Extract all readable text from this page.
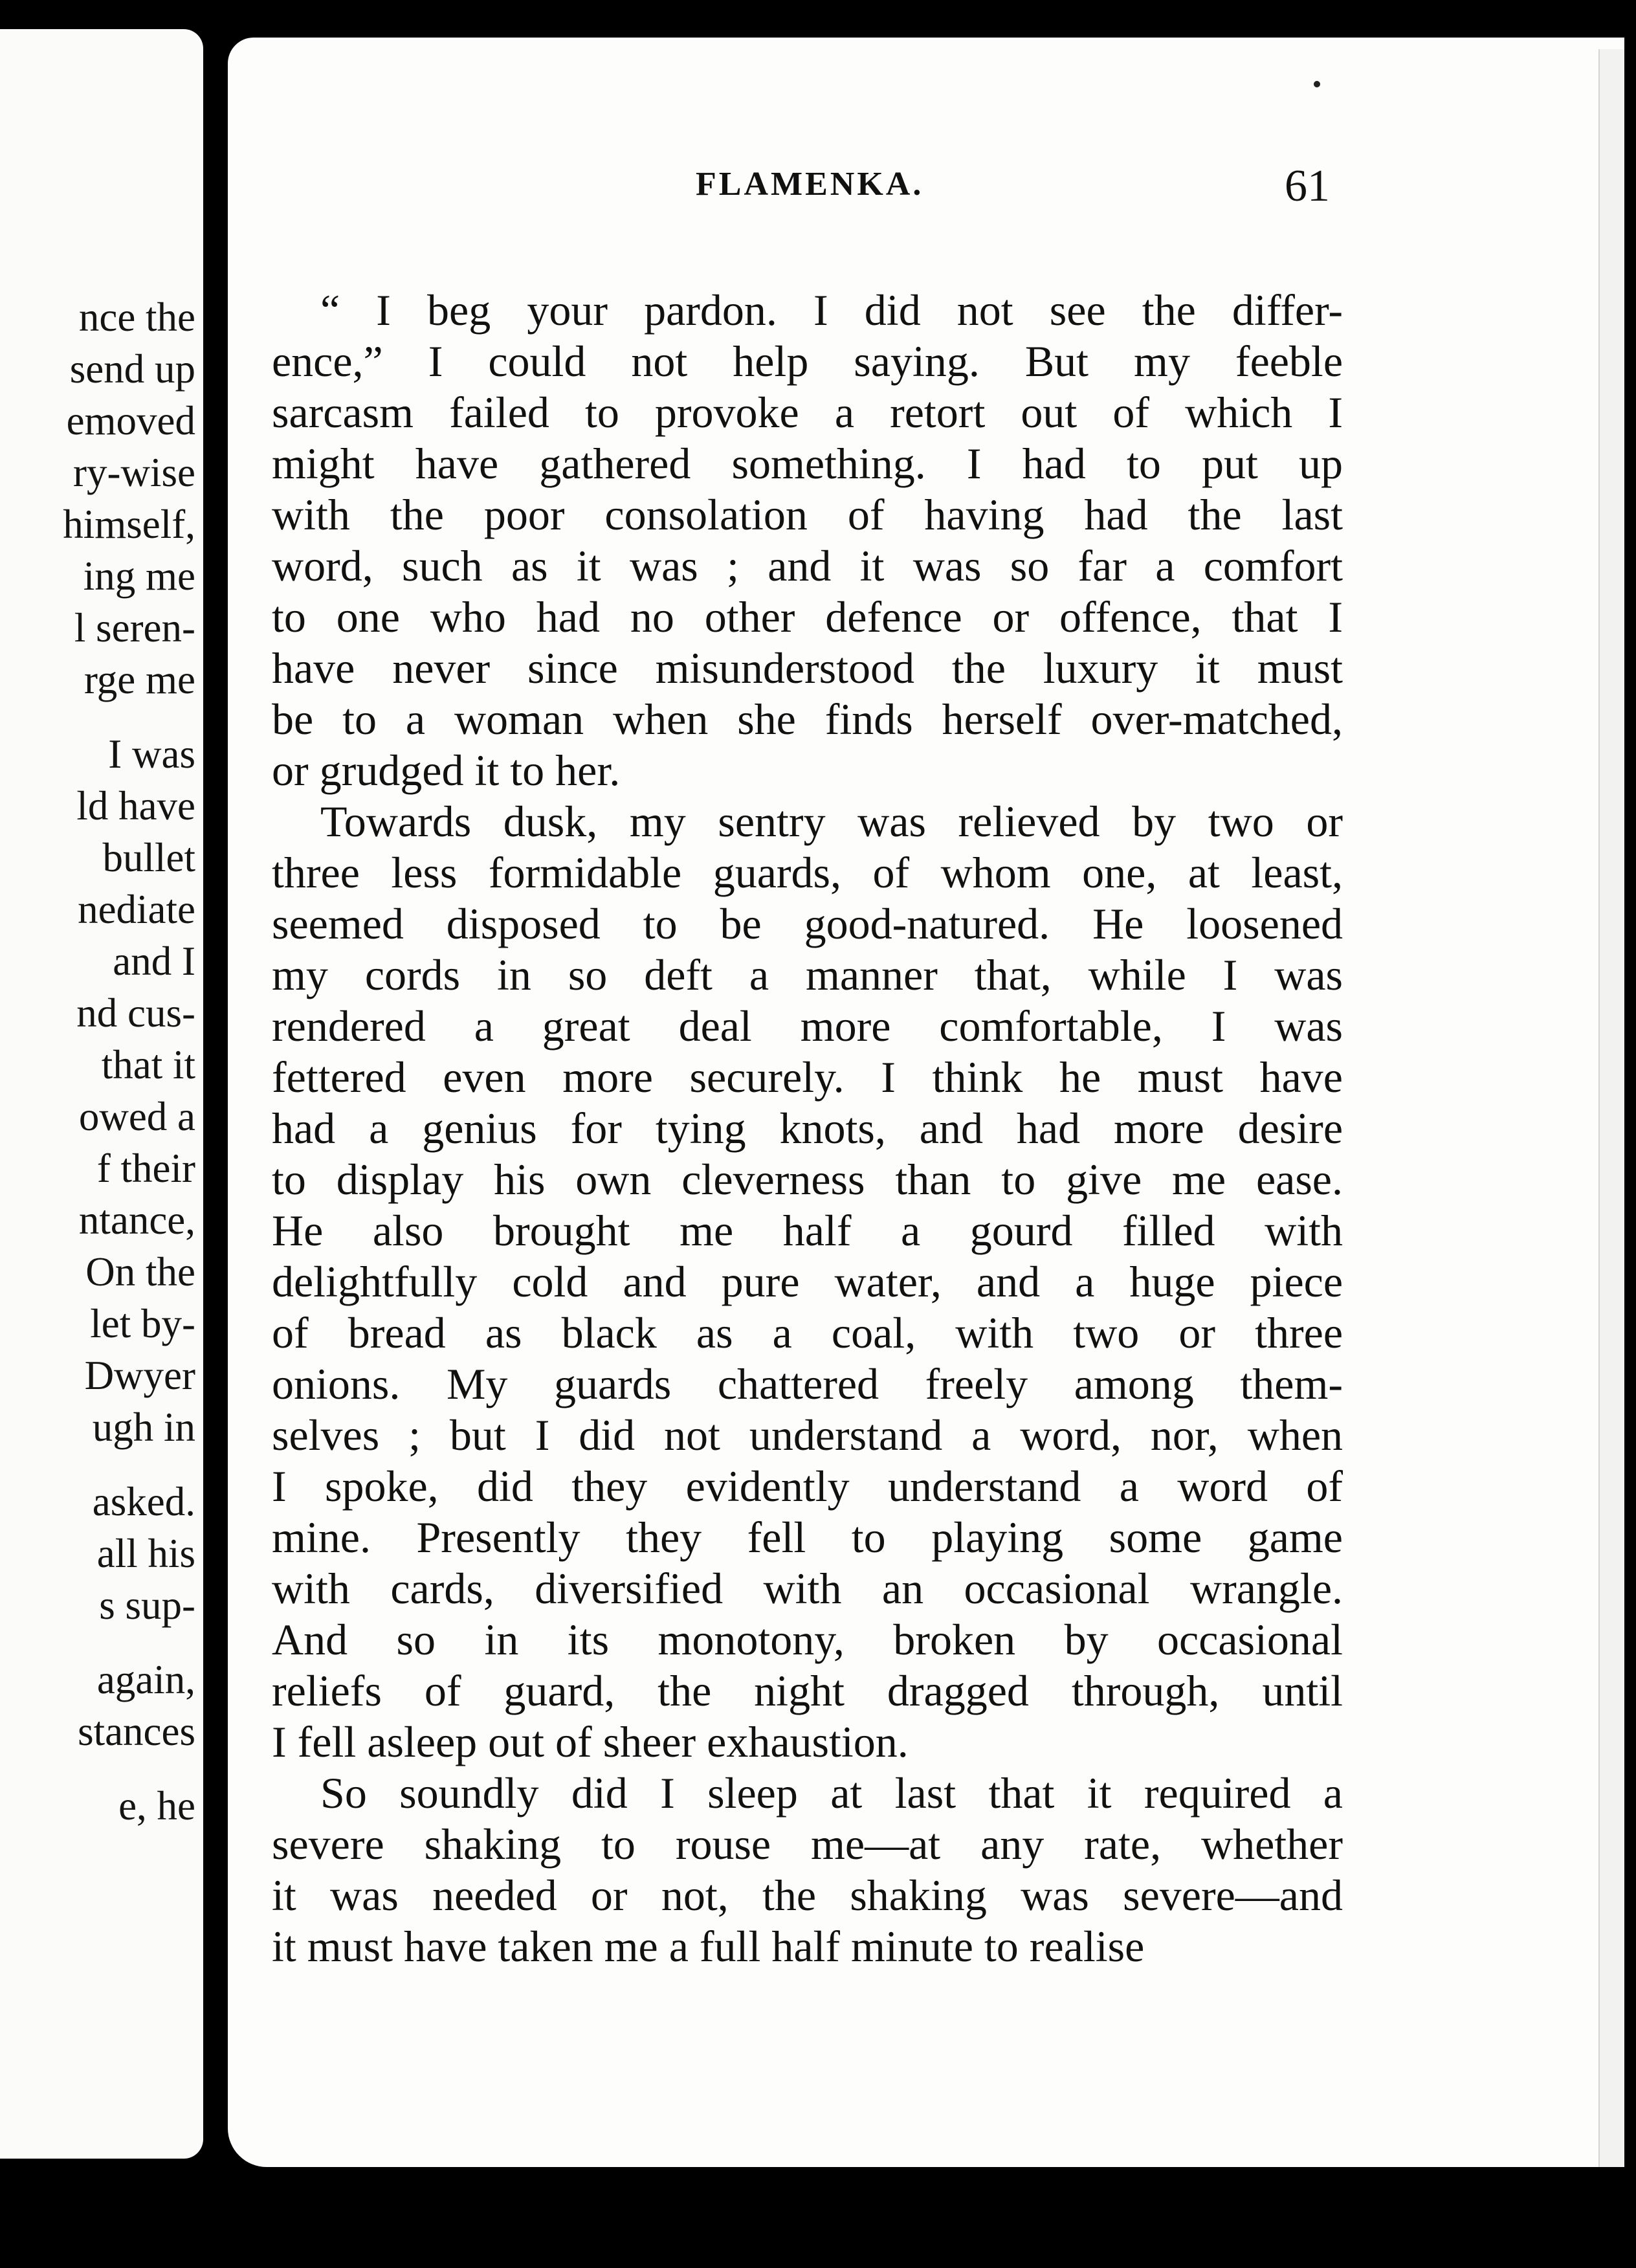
nce the
send up
emoved
ry-wise
himself,
ing me
l seren-
rge me
I was
ld have
bullet
nediate
and I
nd cus-
that it
owed a
f their
ntance,
On the
let by-
Dwyer
ugh in
asked.
all his
s sup-
again,
stances
e, he
FLAMENKA.	61
“ I beg your pardon. I did not see the differ-
ence,” I could not help saying. But my feeble
sarcasm failed to provoke a retort out of which I
might have gathered something. I had to put up
with the poor consolation of having had the last
word, such as it was ; and it was so far a comfort
to one who had no other defence or offence, that I
have never since misunderstood the luxury it must
be to a woman when she finds herself over-matched,
or grudged it to her.
Towards dusk, my sentry was relieved by two or
three less formidable guards, of whom one, at least,
seemed disposed to be good-natured. He loosened
my cords in so deft a manner that, while I was
rendered a great deal more comfortable, I was
fettered even more securely. I think he must have
had a genius for tying knots, and had more desire
to display his own cleverness than to give me ease.
He also brought me half a gourd filled with
delightfully cold and pure water, and a huge piece
of bread as black as a coal, with two or three
onions. My guards chattered freely among them-
selves ; but I did not understand a word, nor, when
I spoke, did they evidently understand a word of
mine. Presently they fell to playing some game
with cards, diversified with an occasional wrangle.
And so in its monotony, broken by occasional
reliefs of guard, the night dragged through, until
I fell asleep out of sheer exhaustion.
So soundly did I sleep at last that it required a
severe shaking to rouse me—at any rate, whether
it was needed or not, the shaking was severe—and
it must have taken me a full half minute to realise
